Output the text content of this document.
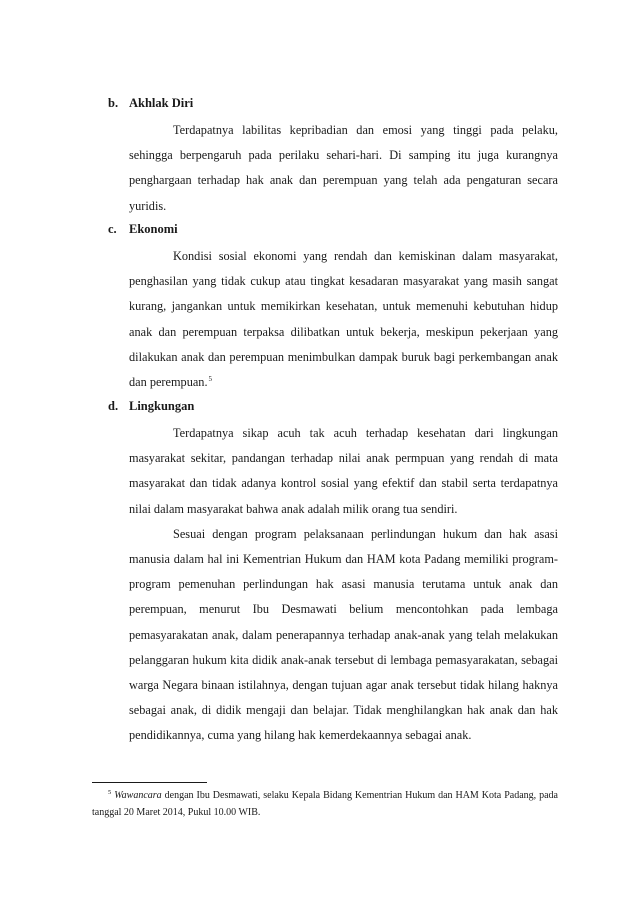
b. Akhlak Diri

Terdapatnya labilitas kepribadian dan emosi yang tinggi pada pelaku, sehingga berpengaruh pada perilaku sehari-hari. Di samping itu juga kurangnya penghargaan terhadap hak anak dan perempuan yang telah ada pengaturan secara yuridis.

c. Ekonomi

Kondisi sosial ekonomi yang rendah dan kemiskinan dalam masyarakat, penghasilan yang tidak cukup atau tingkat kesadaran masyarakat yang masih sangat kurang, jangankan untuk memikirkan kesehatan, untuk memenuhi kebutuhan hidup anak dan perempuan terpaksa dilibatkan untuk bekerja, meskipun pekerjaan yang dilakukan anak dan perempuan menimbulkan dampak buruk bagi perkembangan anak dan perempuan.$^5$

d. Lingkungan

Terdapatnya sikap acuh tak acuh terhadap kesehatan dari lingkungan masyarakat sekitar, pandangan terhadap nilai anak permpuan yang rendah di mata masyarakat dan tidak adanya kontrol sosial yang efektif dan stabil serta terdapatnya nilai dalam masyarakat bahwa anak adalah milik orang tua sendiri.

Sesuai dengan program pelaksanaan perlindungan hukum dan hak asasi manusia dalam hal ini Kementrian Hukum dan HAM kota Padang memiliki program-program pemenuhan perlindungan hak asasi manusia terutama untuk anak dan perempuan, menurut Ibu Desmawati belium mencontohkan pada lembaga pemasyarakatan anak, dalam penerapannya terhadap anak-anak yang telah melakukan pelanggaran hukum kita didik anak-anak tersebut di lembaga pemasyarakatan, sebagai warga Negara binaan istilahnya, dengan tujuan agar anak tersebut tidak hilang haknya sebagai anak, di didik mengaji dan belajar. Tidak menghilangkan hak anak dan hak pendidikannya, cuma yang hilang hak kemerdekaannya sebagai anak.

$^5$ Wawancara dengan Ibu Desmawati, selaku Kepala Bidang Kementrian Hukum dan HAM Kota Padang, pada tanggal 20 Maret 2014, Pukul 10.00 WIB.
